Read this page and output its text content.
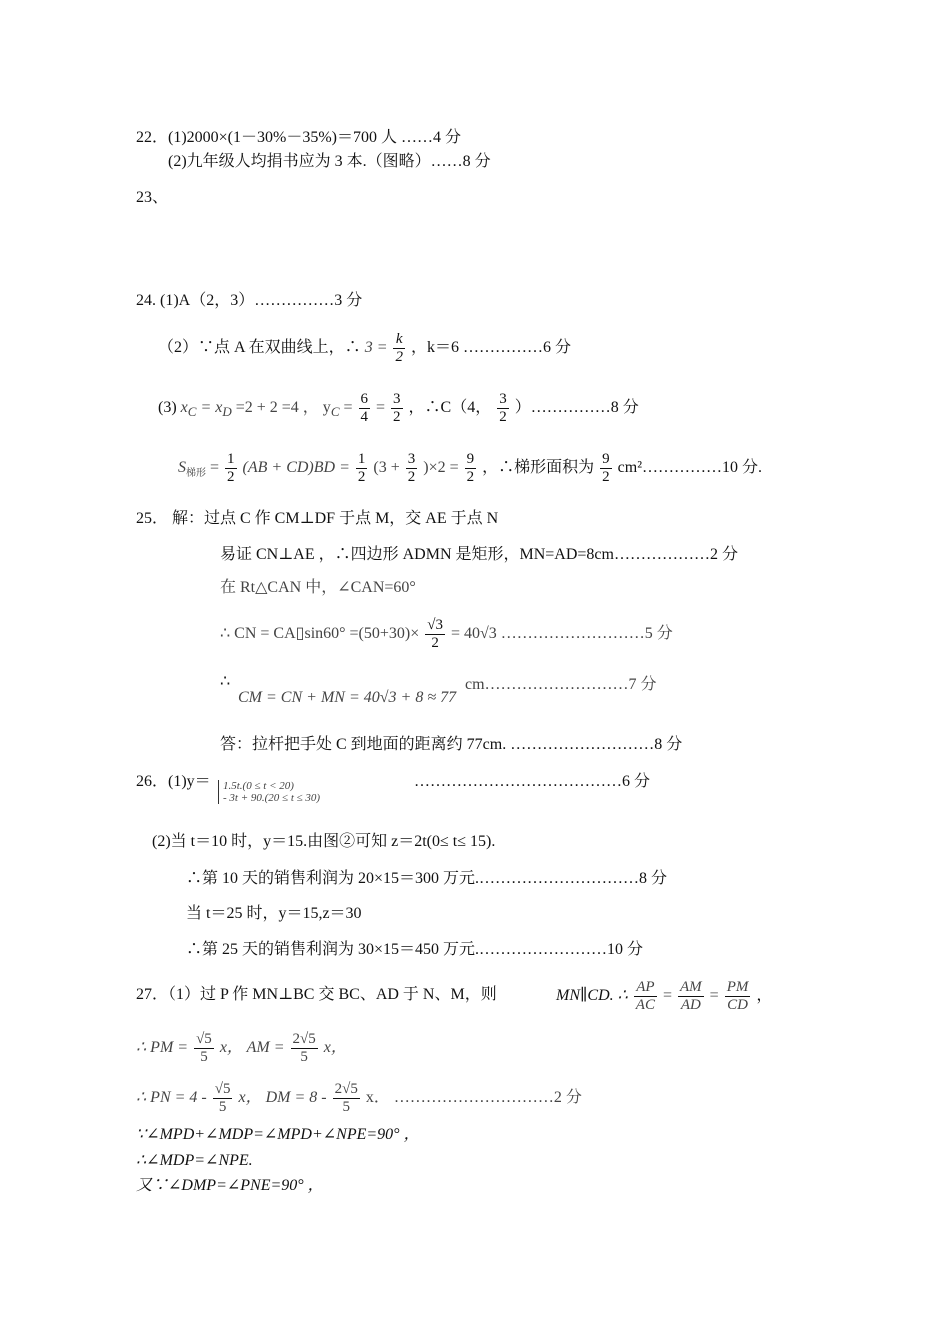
22．(1)2000×(1－30%－35%)＝700 人 ……4 分
(2)九年级人均捐书应为 3 本.（图略）……8 分
23、
24. (1)A（2，3）……………3 分
（2）∵点 A 在双曲线上，∴ $3 = \frac{k}{2}$ ，k＝6 ……………6 分
(3) $x_C = x_D =2 + 2 =4$ ， $y_C = \frac{6}{4} = \frac{3}{2}$ ，∴C（4， $\frac{3}{2}$ ）……………8 分
$S_{梯形} = \frac{1}{2} (AB + CD)BD = \frac{1}{2} (3 + \frac{3}{2} )\times 2 = \frac{9}{2}$ ，∴梯形面积为 $\frac{9}{2}$ cm²……………10 分.
25． 解：过点 C 作 CM⊥DF 于点 M，交 AE 于点 N
易证 CN⊥AE ，∴四边形 ADMN 是矩形，MN=AD=8cm………………2 分
在 Rt△CAN 中，∠CAN=60°
∴ CN = CA▯sin60° $=(50+30)\times \frac{√3}{2} = 40√3$ ………………………5 分
∴
CM = CN + MN = 40√3 + 8 ≈ 77
cm………………………7 分
答：拉杆把手处 C 到地面的距离约 77cm. ………………………8 分
26．(1)y＝ 1.5t.(0 ≤ t < 20)
- 3t + 90.(20 ≤ t ≤ 30)
…………………………………6 分
(2)当 t＝10 时，y＝15.由图②可知 z＝2t(0≤ t≤ 15).
∴第 10 天的销售利润为 20×15＝300 万元.…………………………8 分
当 t＝25 时，y＝15,z＝30
∴第 25 天的销售利润为 30×15＝450 万元.……………………10 分
27．（1）过 P 作 MN⊥BC 交 BC、AD 于 N、M，则	MN∥CD. ∴ $\frac{AP}{AC} = \frac{AM}{AD} = \frac{PM}{CD}$ ，
∴ PM = $\frac{√5}{5}$ x， AM = $\frac{2√5}{5}$ x，
∴ PN = $4 - \frac{√5}{5}$ x， DM = $8 - \frac{2√5}{5}$ x． …………………………2 分
∵∠MPD+∠MDP=∠MPD+∠NPE=90° ，
∴∠MDP=∠NPE.
又∵∠DMP=∠PNE=90° ，
